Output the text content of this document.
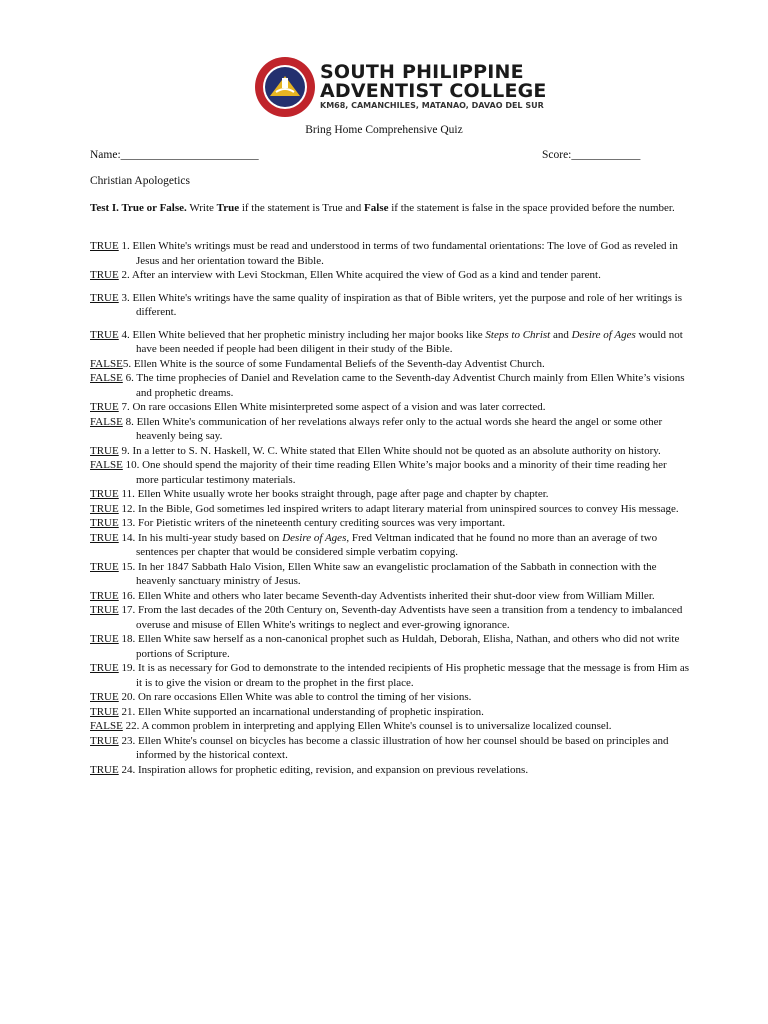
SOUTH PHILIPPINE
ADVENTIST COLLEGE
KM68, CAMANCHILES, MATANAO, DAVAO DEL SUR
Bring Home Comprehensive Quiz
Name:________________________	Score:____________
Christian Apologetics
Test I. True or False. Write True if the statement is True and False if the statement is false in the space provided before the number.
TRUE 1. Ellen White's writings must be read and understood in terms of two fundamental orientations: The love of God as reveled in Jesus and her orientation toward the Bible.
TRUE 2. After an interview with Levi Stockman, Ellen White acquired the view of God as a kind and tender parent.
TRUE 3. Ellen White's writings have the same quality of inspiration as that of Bible writers, yet the purpose and role of her writings is different.
TRUE 4. Ellen White believed that her prophetic ministry including her major books like Steps to Christ and Desire of Ages would not have been needed if people had been diligent in their study of the Bible.
FALSE5. Ellen White is the source of some Fundamental Beliefs of the Seventh-day Adventist Church.
FALSE 6. The time prophecies of Daniel and Revelation came to the Seventh-day Adventist Church mainly from Ellen White’s visions and prophetic dreams.
TRUE 7. On rare occasions Ellen White misinterpreted some aspect of a vision and was later corrected.
FALSE 8. Ellen White's communication of her revelations always refer only to the actual words she heard the angel or some other heavenly being say.
TRUE 9. In a letter to S. N. Haskell, W. C. White stated that Ellen White should not be quoted as an absolute authority on history.
FALSE 10. One should spend the majority of their time reading Ellen White’s major books and a minority of their time reading her more particular testimony materials.
TRUE 11. Ellen White usually wrote her books straight through, page after page and chapter by chapter.
TRUE 12. In the Bible, God sometimes led inspired writers to adapt literary material from uninspired sources to convey His message.
TRUE 13. For Pietistic writers of the nineteenth century crediting sources was very important.
TRUE 14. In his multi-year study based on Desire of Ages, Fred Veltman indicated that he found no more than an average of two sentences per chapter that would be considered simple verbatim copying.
TRUE 15. In her 1847 Sabbath Halo Vision, Ellen White saw an evangelistic proclamation of the Sabbath in connection with the heavenly sanctuary ministry of Jesus.
TRUE 16. Ellen White and others who later became Seventh-day Adventists inherited their shut-door view from William Miller.
TRUE 17. From the last decades of the 20th Century on, Seventh-day Adventists have seen a transition from a tendency to imbalanced overuse and misuse of Ellen White's writings to neglect and ever-growing ignorance.
TRUE 18. Ellen White saw herself as a non-canonical prophet such as Huldah, Deborah, Elisha, Nathan, and others who did not write portions of Scripture.
TRUE 19. It is as necessary for God to demonstrate to the intended recipients of His prophetic message that the message is from Him as it is to give the vision or dream to the prophet in the first place.
TRUE 20. On rare occasions Ellen White was able to control the timing of her visions.
TRUE 21. Ellen White supported an incarnational understanding of prophetic inspiration.
FALSE 22. A common problem in interpreting and applying Ellen White's counsel is to universalize localized counsel.
TRUE 23. Ellen White's counsel on bicycles has become a classic illustration of how her counsel should be based on principles and informed by the historical context.
TRUE 24. Inspiration allows for prophetic editing, revision, and expansion on previous revelations.
